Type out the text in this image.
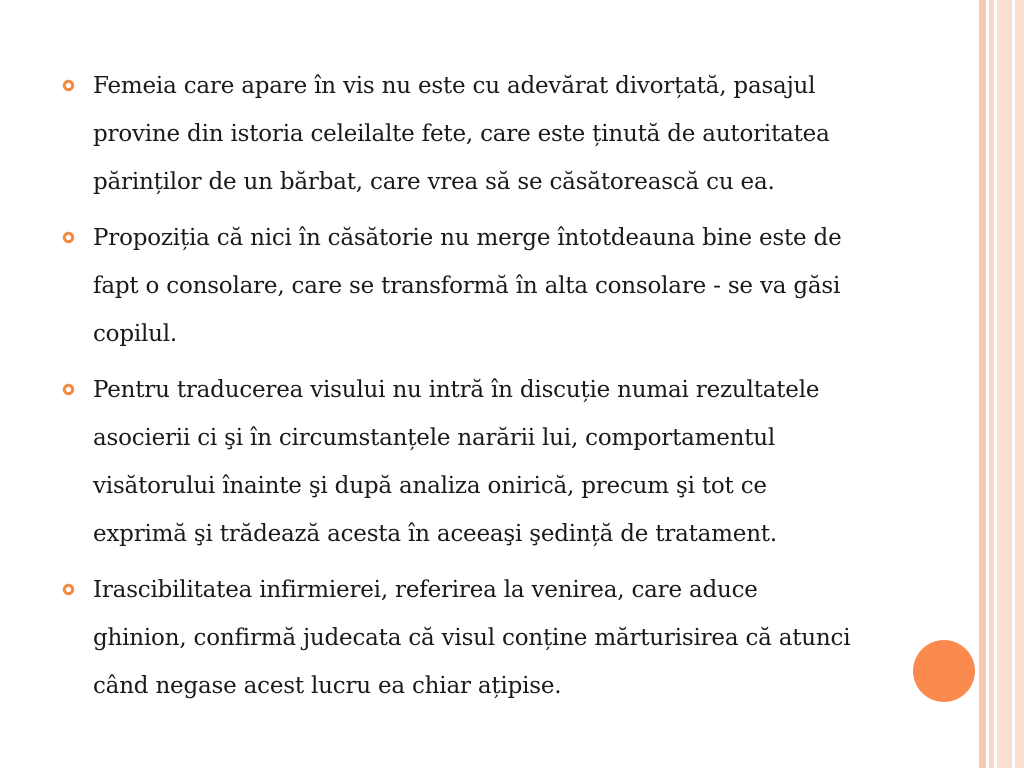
Femeia care apare în vis nu este cu adevărat divorțată, pasajul
provine din istoria celeilalte fete, care este ținută de autoritatea
părinților de un bărbat, care vrea să se căsătorească cu ea.
Propoziția că nici în căsătorie nu merge întotdeauna bine este de
fapt o consolare, care se transformă în alta consolare - se va găsi
copilul.
Pentru traducerea visului nu intră în discuție numai rezultatele
asocierii ci şi în circumstanțele narării lui, comportamentul
visătorului înainte şi după analiza onirică, precum şi tot ce
exprimă şi trădează acesta în aceeaşi şedință de tratament.
Irascibilitatea infirmierei, referirea la venirea, care aduce
ghinion, confirmă judecata că visul conține mărturisirea că atunci
când negase acest lucru ea chiar ațipise.
